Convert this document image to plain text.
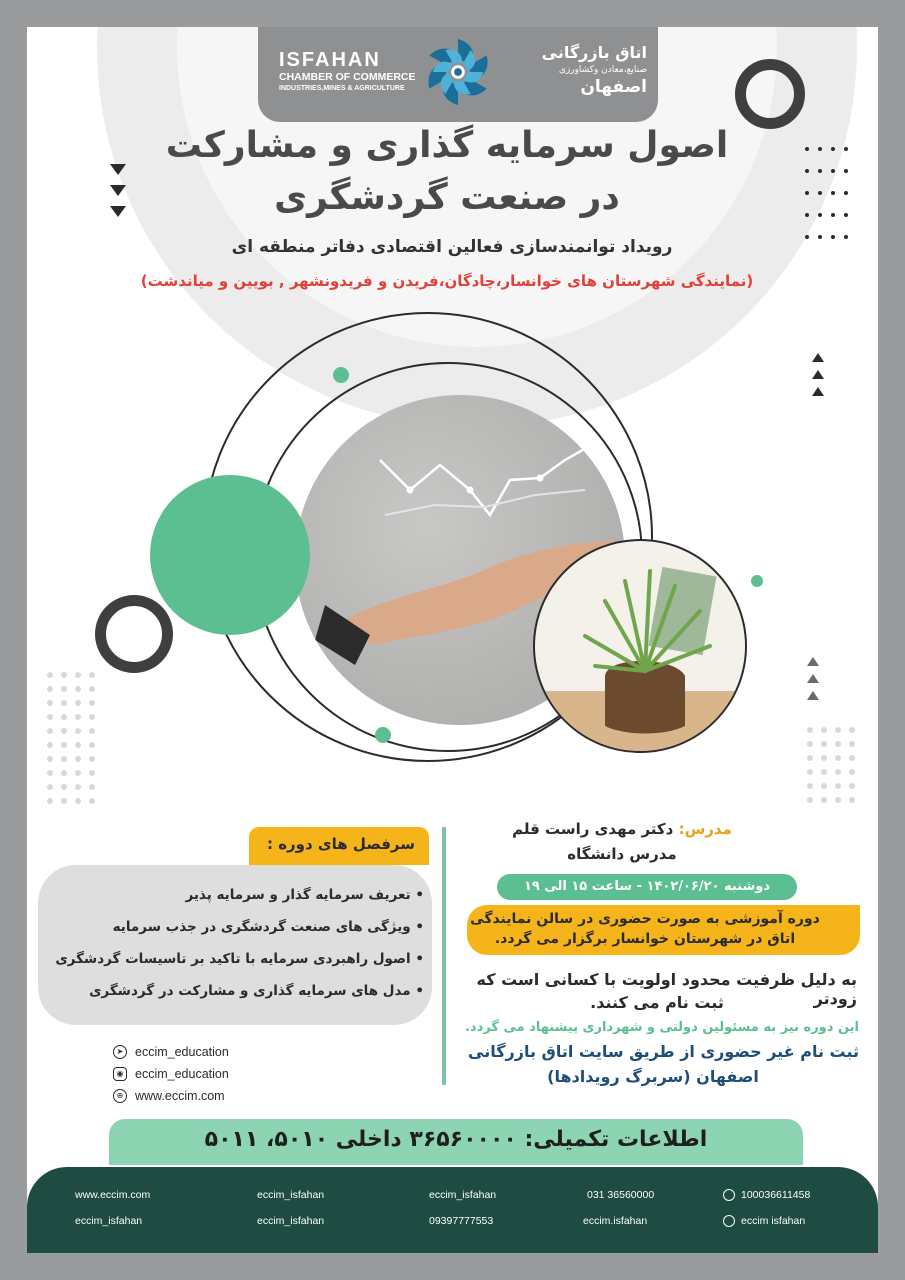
ISFAHAN
CHAMBER OF COMMERCE
INDUSTRIES,MINES & AGRICULTURE
اتاق بازرگانی
صنایع،معادن وکشاورزی
اصفهان
اصول سرمایه گذاری و مشارکت
در صنعت گردشگری
رویداد توانمندسازی فعالین اقتصادی دفاتر منطقه ای
(نمایندگی شهرستان های خوانسار،چادگان،فریدن و فریدونشهر , بویین و میاندشت)
سرفصل های دوره :
• تعریف سرمایه گذار و سرمایه پذیر
• ویژگی های صنعت گردشگری در جذب سرمایه
• اصول راهبردی سرمایه با تاکید بر تاسیسات گردشگری
• مدل های سرمایه گذاری و مشارکت در گردشگری
مدرس: دکتر مهدی راست قلم
مدرس دانشگاه
دوشنبه ۱۴۰۲/۰۶/۲۰ - ساعت ۱۵ الی ۱۹
دوره آموزشی به صورت حضوری در سالن نمایندگی
اتاق در شهرستان خوانسار برگزار می گردد.
به دلیل ظرفیت محدود اولویت با کسانی است که زودتر
ثبت نام می کنند.
این دوره نیز به مسئولین دولتی و شهرداری پیشنهاد می گردد.
ثبت نام غیر حضوری از طریق سایت اتاق بازرگانی
اصفهان (سربرگ رویدادها)
➤ eccim_education
◉ eccim_education
⊕ www.eccim.com
اطلاعات تکمیلی: ۳۶۵۶۰۰۰۰ داخلی ۵۰۱۰، ۵۰۱۱
www.eccim.com
eccim_isfahan
eccim_isfahan
eccim_isfahan
eccim_isfahan
09397777553
031 36560000
eccim.isfahan
100036611458
eccim isfahan
